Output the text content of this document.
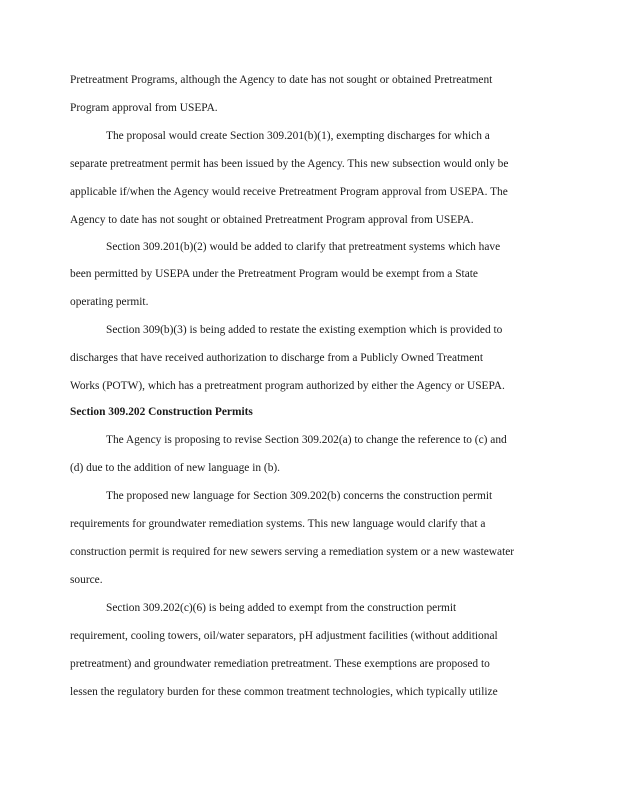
Pretreatment Programs, although the Agency to date has not sought or obtained Pretreatment
Program approval from USEPA.
The proposal would create Section 309.201(b)(1), exempting discharges for which a
separate pretreatment permit has been issued by the Agency. This new subsection would only be
applicable if/when the Agency would receive Pretreatment Program approval from USEPA. The
Agency to date has not sought or obtained Pretreatment Program approval from USEPA.
Section 309.201(b)(2) would be added to clarify that pretreatment systems which have
been permitted by USEPA under the Pretreatment Program would be exempt from a State
operating permit.
Section 309(b)(3) is being added to restate the existing exemption which is provided to
discharges that have received authorization to discharge from a Publicly Owned Treatment
Works (POTW), which has a pretreatment program authorized by either the Agency or USEPA.
Section 309.202 Construction Permits
The Agency is proposing to revise Section 309.202(a) to change the reference to (c) and
(d) due to the addition of new language in (b).
The proposed new language for Section 309.202(b) concerns the construction permit
requirements for groundwater remediation systems. This new language would clarify that a
construction permit is required for new sewers serving a remediation system or a new wastewater
source.
Section 309.202(c)(6) is being added to exempt from the construction permit
requirement, cooling towers, oil/water separators, pH adjustment facilities (without additional
pretreatment) and groundwater remediation pretreatment. These exemptions are proposed to
lessen the regulatory burden for these common treatment technologies, which typically utilize
